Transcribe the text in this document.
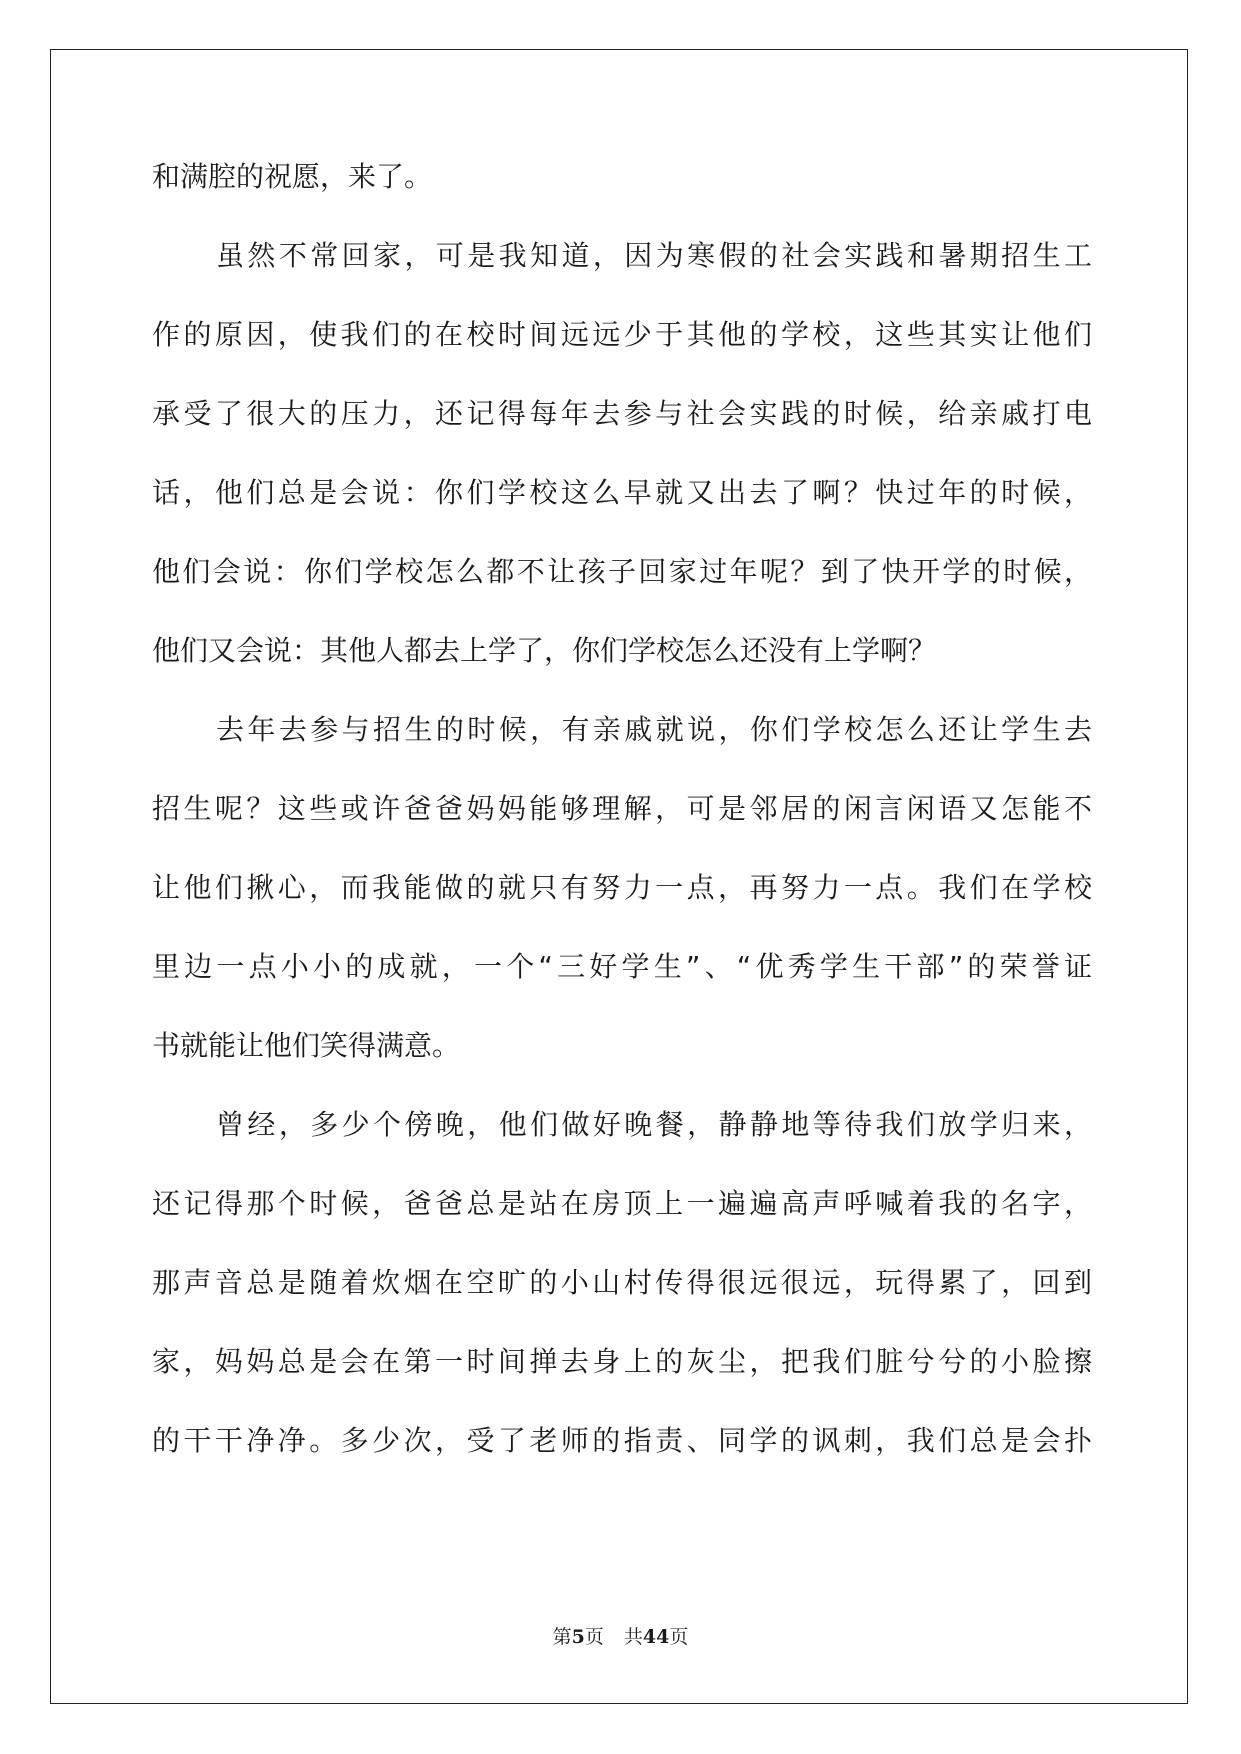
和满腔的祝愿，来了。
虽然不常回家，可是我知道，因为寒假的社会实践和暑期招生工
作的原因，使我们的在校时间远远少于其他的学校，这些其实让他们
承受了很大的压力，还记得每年去参与社会实践的时候，给亲戚打电
话，他们总是会说：你们学校这么早就又出去了啊？快过年的时候，
他们会说：你们学校怎么都不让孩子回家过年呢？到了快开学的时候，
他们又会说：其他人都去上学了，你们学校怎么还没有上学啊？
去年去参与招生的时候，有亲戚就说，你们学校怎么还让学生去
招生呢？这些或许爸爸妈妈能够理解，可是邻居的闲言闲语又怎能不
让他们揪心，而我能做的就只有努力一点，再努力一点。我们在学校
里边一点小小的成就，一个“三好学生”、“优秀学生干部”的荣誉证
书就能让他们笑得满意。
曾经，多少个傍晚，他们做好晚餐，静静地等待我们放学归来，
还记得那个时候，爸爸总是站在房顶上一遍遍高声呼喊着我的名字，
那声音总是随着炊烟在空旷的小山村传得很远很远，玩得累了，回到
家，妈妈总是会在第一时间掸去身上的灰尘，把我们脏兮兮的小脸擦
的干干净净。多少次，受了老师的指责、同学的讽刺，我们总是会扑
第5页 共44页
